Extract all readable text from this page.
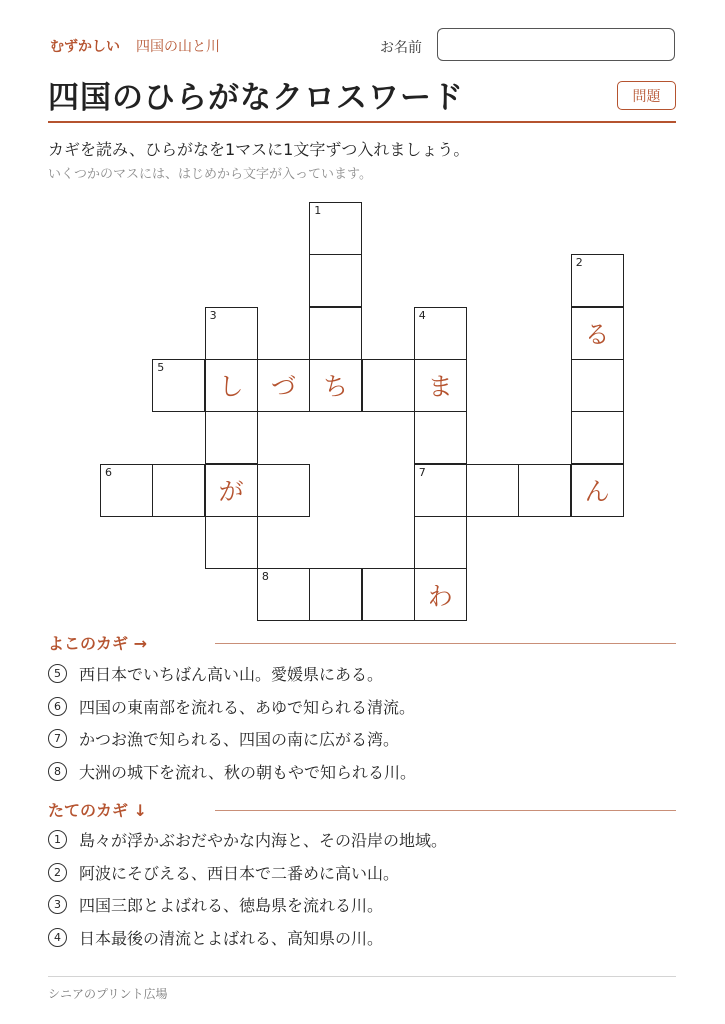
むずかしい 四国の山と川	お名前
四国のひらがなクロスワード	問題
カギを読み、ひらがなを1マスに1文字ずつ入れましょう。
いくつかのマスには、はじめから文字が入っています。
1
2
3	4
る
5
し	づ	ち	ま
6
が
7
ん
8
わ
よこのカギ →
5	西日本でいちばん高い山。愛媛県にある。
6	四国の東南部を流れる、あゆで知られる清流。
7	かつお漁で知られる、四国の南に広がる湾。
8	大洲の城下を流れ、秋の朝もやで知られる川。
たてのカギ ↓
1	島々が浮かぶおだやかな内海と、その沿岸の地域。
2	阿波にそびえる、西日本で二番めに高い山。
3	四国三郎とよばれる、徳島県を流れる川。
4	日本最後の清流とよばれる、高知県の川。
シニアのプリント広場
